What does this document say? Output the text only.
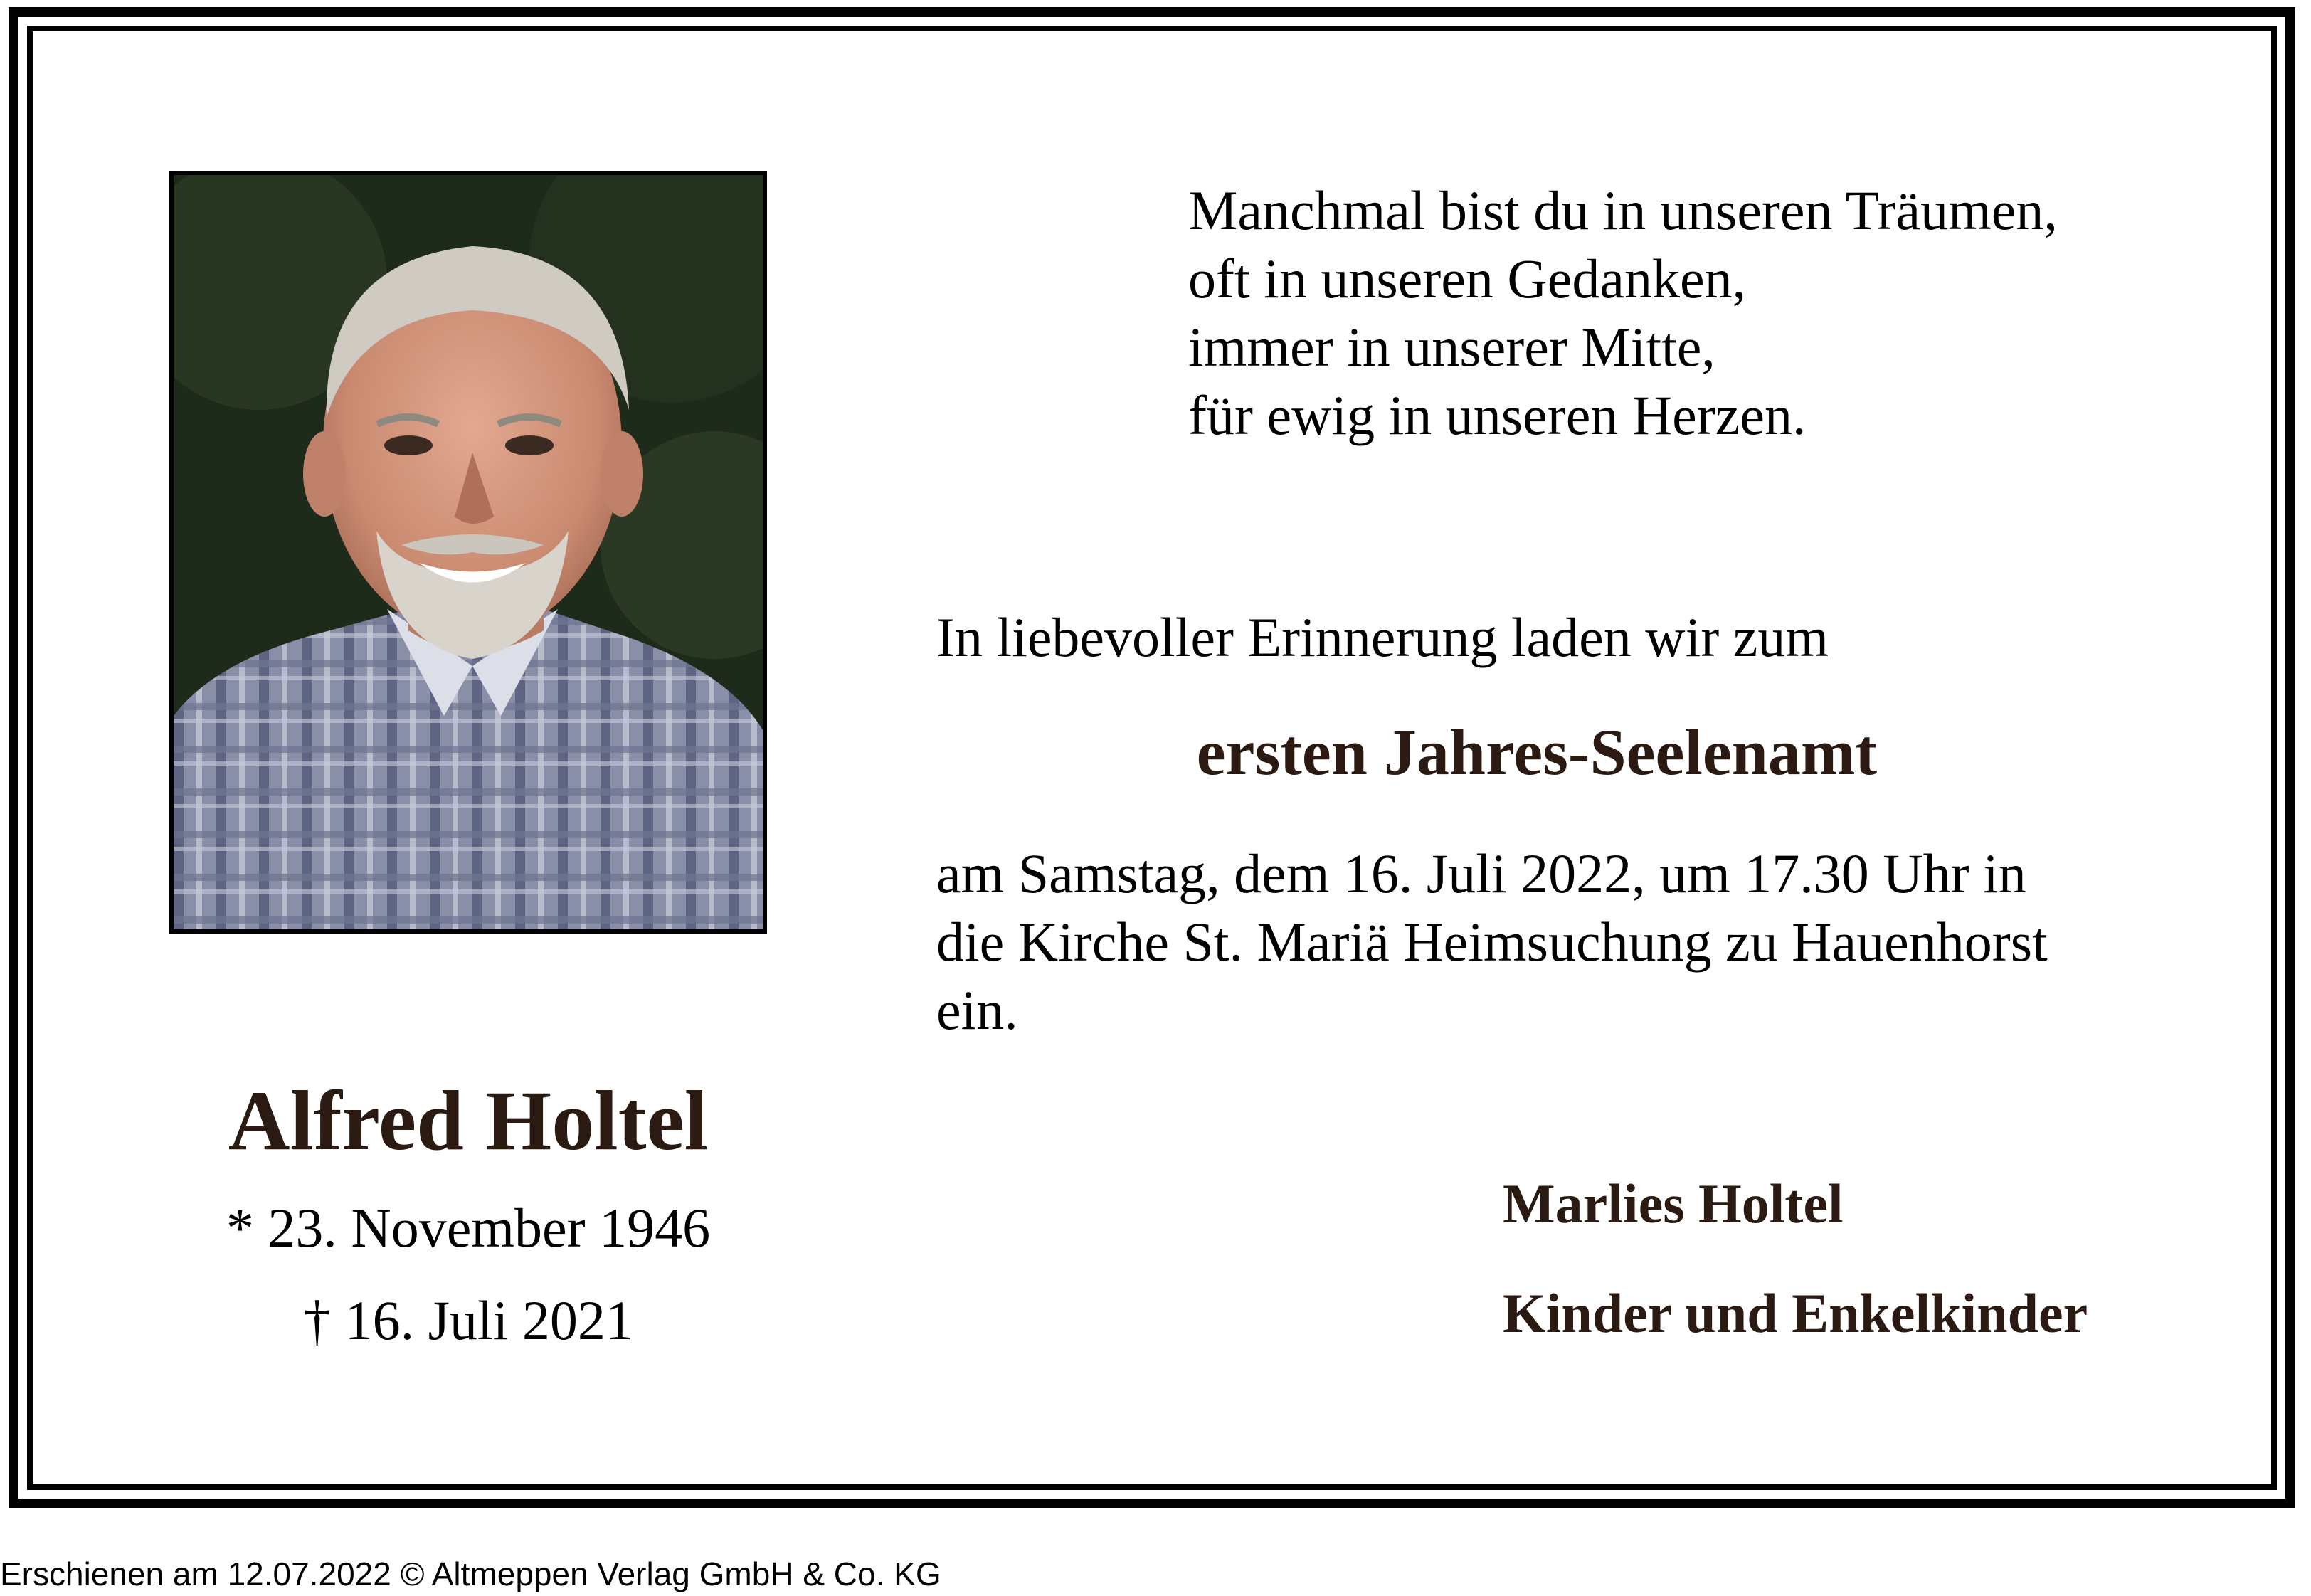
Manchmal bist du in unseren Träumen,
oft in unseren Gedanken,
immer in unserer Mitte,
für ewig in unseren Herzen.
In liebevoller Erinnerung laden wir zum
ersten Jahres-Seelenamt
am Samstag, dem 16. Juli 2022, um 17.30 Uhr in
die Kirche St. Mariä Heimsuchung zu Hauenhorst
ein.
Alfred Holtel
* 23. November 1946
† 16. Juli 2021
Marlies Holtel
Kinder und Enkelkinder
Erschienen am 12.07.2022 © Altmeppen Verlag GmbH & Co. KG
